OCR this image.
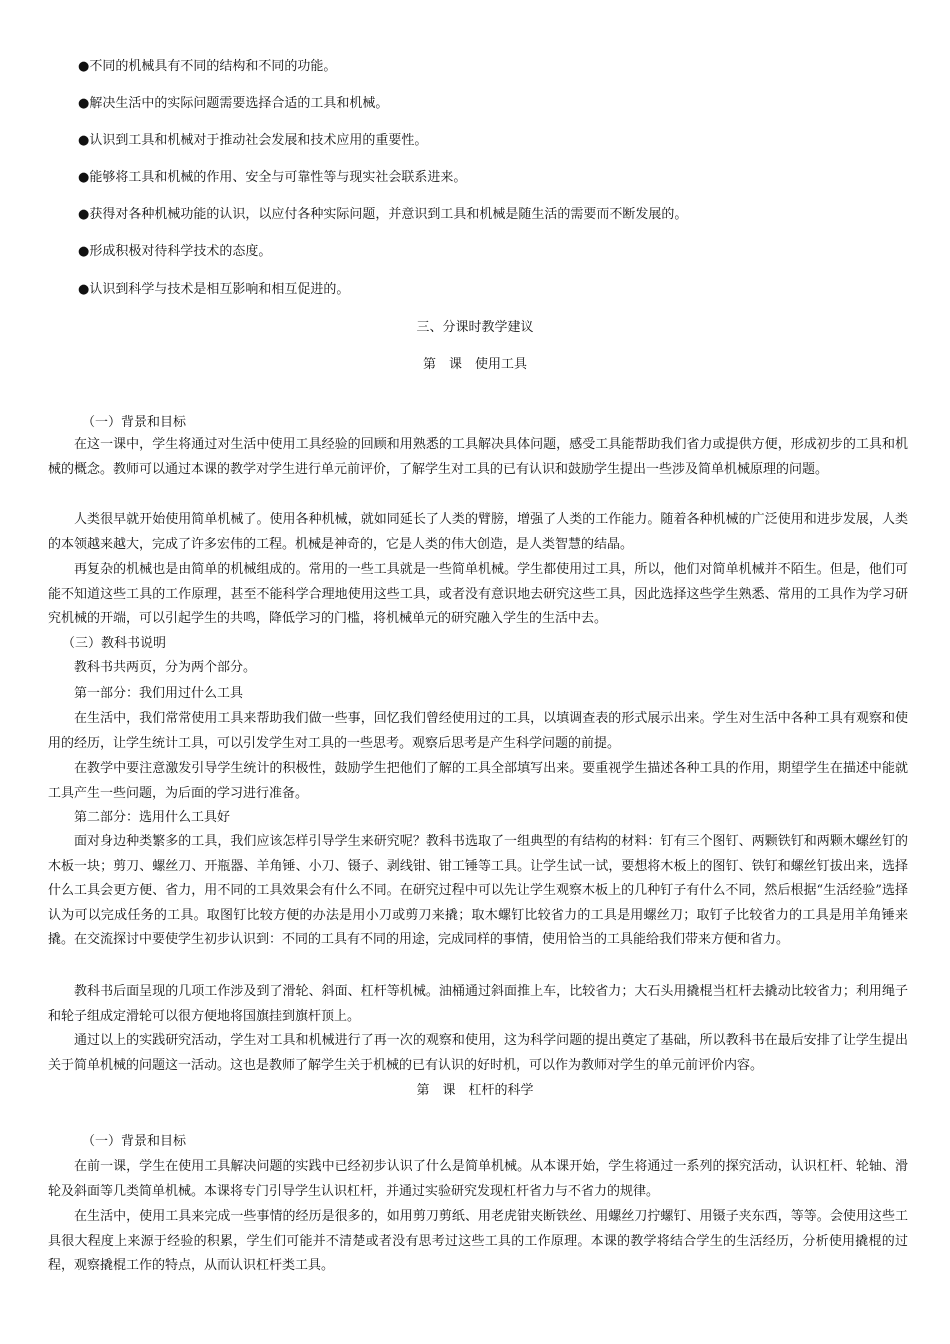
●不同的机械具有不同的结构和不同的功能。
●解决生活中的实际问题需要选择合适的工具和机械。
●认识到工具和机械对于推动社会发展和技术应用的重要性。
●能够将工具和机械的作用、安全与可靠性等与现实社会联系进来。
●获得对各种机械功能的认识，以应付各种实际问题，并意识到工具和机械是随生活的需要而不断发展的。
●形成积极对待科学技术的态度。
●认识到科学与技术是相互影响和相互促进的。
三、分课时教学建议
第　课　使用工具
（一）背景和目标

在这一课中，学生将通过对生活中使用工具经验的回顾和用熟悉的工具解决具体问题，感受工具能帮助我们省力或提供方便，形成初步的工具和机械的概念。教师可以通过本课的教学对学生进行单元前评价，了解学生对工具的已有认识和鼓励学生提出一些涉及简单机械原理的问题。

人类很早就开始使用简单机械了。使用各种机械，就如同延长了人类的臂膀，增强了人类的工作能力。随着各种机械的广泛使用和进步发展，人类的本领越来越大，完成了许多宏伟的工程。机械是神奇的，它是人类的伟大创造，是人类智慧的结晶。

再复杂的机械也是由简单的机械组成的。常用的一些工具就是一些简单机械。学生都使用过工具，所以，他们对简单机械并不陌生。但是，他们可能不知道这些工具的工作原理，甚至不能科学合理地使用这些工具，或者没有意识地去研究这些工具，因此选择这些学生熟悉、常用的工具作为学习研究机械的开端，可以引起学生的共鸣，降低学习的门槛，将机械单元的研究融入学生的生活中去。

（三）教科书说明
教科书共两页，分为两个部分。
第一部分：我们用过什么工具

在生活中，我们常常使用工具来帮助我们做一些事，回忆我们曾经使用过的工具，以填调查表的形式展示出来。学生对生活中各种工具有观察和使用的经历，让学生统计工具，可以引发学生对工具的一些思考。观察后思考是产生科学问题的前提。

在教学中要注意激发引导学生统计的积极性，鼓励学生把他们了解的工具全部填写出来。要重视学生描述各种工具的作用，期望学生在描述中能就工具产生一些问题，为后面的学习进行准备。

第二部分：选用什么工具好

面对身边种类繁多的工具，我们应该怎样引导学生来研究呢？教科书选取了一组典型的有结构的材料：钉有三个图钉、两颗铁钉和两颗木螺丝钉的木板一块；剪刀、螺丝刀、开瓶器、羊角锤、小刀、镊子、剥线钳、钳工锤等工具。让学生试一试，要想将木板上的图钉、铁钉和螺丝钉拔出来，选择什么工具会更方便、省力，用不同的工具效果会有什么不同。在研究过程中可以先让学生观察木板上的几种钉子有什么不同，然后根据“生活经验”选择认为可以完成任务的工具。取图钉比较方便的办法是用小刀或剪刀来撬；取木螺钉比较省力的工具是用螺丝刀；取钉子比较省力的工具是用羊角锤来撬。在交流探讨中要使学生初步认识到：不同的工具有不同的用途，完成同样的事情，使用恰当的工具能给我们带来方便和省力。

教科书后面呈现的几项工作涉及到了滑轮、斜面、杠杆等机械。油桶通过斜面推上车，比较省力；大石头用撬棍当杠杆去撬动比较省力；利用绳子和轮子组成定滑轮可以很方便地将国旗挂到旗杆顶上。

通过以上的实践研究活动，学生对工具和机械进行了再一次的观察和使用，这为科学问题的提出奠定了基础，所以教科书在最后安排了让学生提出关于简单机械的问题这一活动。这也是教师了解学生关于机械的已有认识的好时机，可以作为教师对学生的单元前评价内容。

第　课　杠杆的科学
（一）背景和目标

在前一课，学生在使用工具解决问题的实践中已经初步认识了什么是简单机械。从本课开始，学生将通过一系列的探究活动，认识杠杆、轮轴、滑轮及斜面等几类简单机械。本课将专门引导学生认识杠杆，并通过实验研究发现杠杆省力与不省力的规律。

在生活中，使用工具来完成一些事情的经历是很多的，如用剪刀剪纸、用老虎钳夹断铁丝、用螺丝刀拧螺钉、用镊子夹东西，等等。会使用这些工具很大程度上来源于经验的积累，学生们可能并不清楚或者没有思考过这些工具的工作原理。本课的教学将结合学生的生活经历，分析使用撬棍的过程，观察撬棍工作的特点，从而认识杠杆类工具。
